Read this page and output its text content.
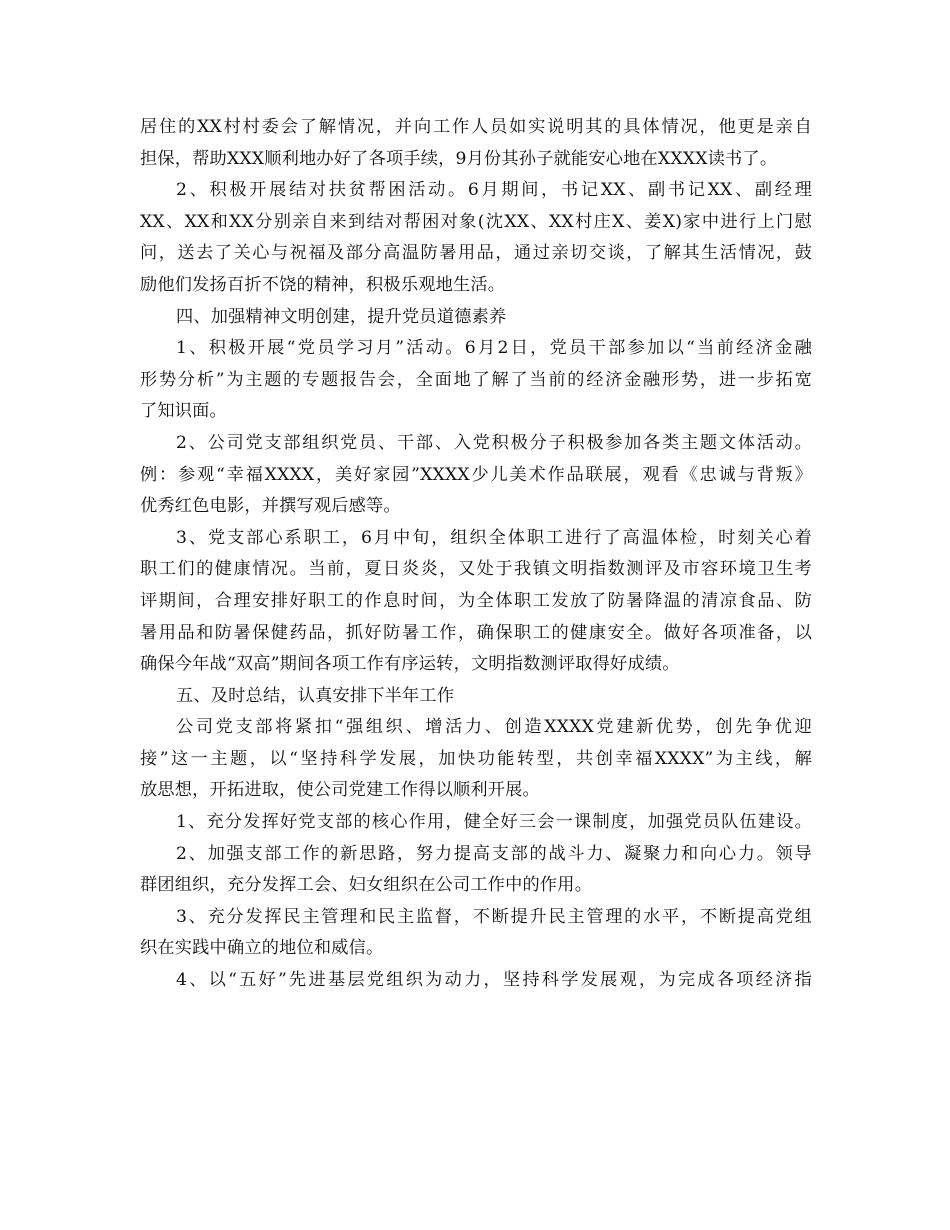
居住的XX村村委会了解情况，并向工作人员如实说明其的具体情况，他更是亲自
担保，帮助XXX顺利地办好了各项手续，9月份其孙子就能安心地在XXXX读书了。
2、积极开展结对扶贫帮困活动。6月期间，书记XX、副书记XX、副经理
XX、XX和XX分别亲自来到结对帮困对象(沈XX、XX村庄X、姜X)家中进行上门慰
问，送去了关心与祝福及部分高温防暑用品，通过亲切交谈，了解其生活情况，鼓
励他们发扬百折不饶的精神，积极乐观地生活。
四、加强精神文明创建，提升党员道德素养
1、积极开展“党员学习月”活动。6月2日，党员干部参加以“当前经济金融
形势分析”为主题的专题报告会，全面地了解了当前的经济金融形势，进一步拓宽
了知识面。
2、公司党支部组织党员、干部、入党积极分子积极参加各类主题文体活动。
例：参观“幸福XXXX，美好家园”XXXX少儿美术作品联展，观看《忠诚与背叛》
优秀红色电影，并撰写观后感等。
3、党支部心系职工，6月中旬，组织全体职工进行了高温体检，时刻关心着
职工们的健康情况。当前，夏日炎炎，又处于我镇文明指数测评及市容环境卫生考
评期间，合理安排好职工的作息时间，为全体职工发放了防暑降温的清凉食品、防
暑用品和防暑保健药品，抓好防暑工作，确保职工的健康安全。做好各项准备，以
确保今年战“双高”期间各项工作有序运转，文明指数测评取得好成绩。
五、及时总结，认真安排下半年工作
公司党支部将紧扣“强组织、增活力、创造XXXX党建新优势，创先争优迎
接”这一主题，以“坚持科学发展，加快功能转型，共创幸福XXXX”为主线，解
放思想，开拓进取，使公司党建工作得以顺利开展。
1、充分发挥好党支部的核心作用，健全好三会一课制度，加强党员队伍建设。
2、加强支部工作的新思路，努力提高支部的战斗力、凝聚力和向心力。领导
群团组织，充分发挥工会、妇女组织在公司工作中的作用。
3、充分发挥民主管理和民主监督，不断提升民主管理的水平，不断提高党组
织在实践中确立的地位和威信。
4、以“五好”先进基层党组织为动力，坚持科学发展观，为完成各项经济指
